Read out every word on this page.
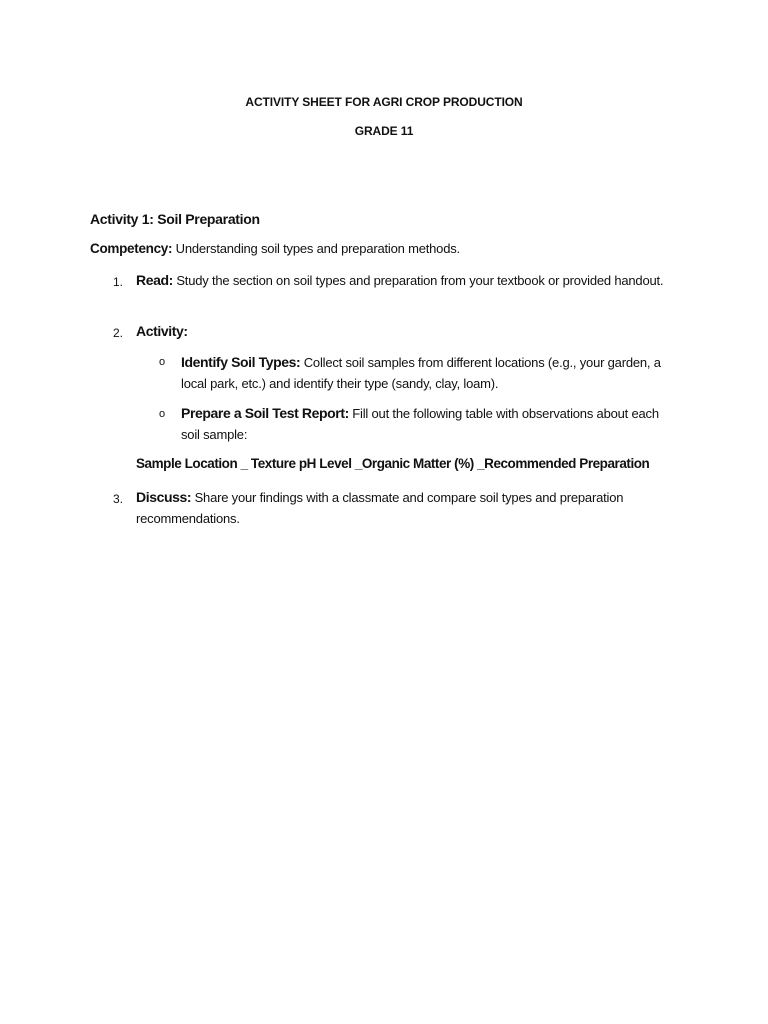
ACTIVITY SHEET FOR AGRI CROP PRODUCTION
GRADE 11
Activity 1: Soil Preparation
Competency: Understanding soil types and preparation methods.
1. Read: Study the section on soil types and preparation from your textbook or provided handout.
2. Activity:
o Identify Soil Types: Collect soil samples from different locations (e.g., your garden, a local park, etc.) and identify their type (sandy, clay, loam).
o Prepare a Soil Test Report: Fill out the following table with observations about each soil sample:
Sample Location _ Texture pH Level _Organic Matter (%) _Recommended Preparation
3. Discuss: Share your findings with a classmate and compare soil types and preparation recommendations.
